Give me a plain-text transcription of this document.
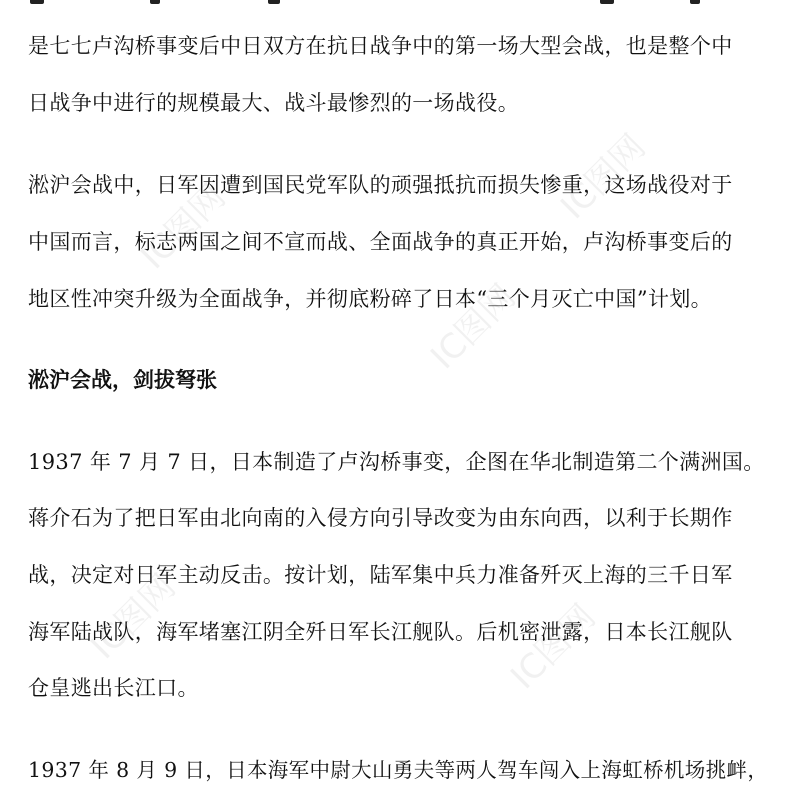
IC图网	IC图网
IC图网
IC图网	IC图网
是七七卢沟桥事变后中日双方在抗日战争中的第一场大型会战，也是整个中
日战争中进行的规模最大、战斗最惨烈的一场战役。
淞沪会战中，日军因遭到国民党军队的顽强抵抗而损失惨重，这场战役对于
中国而言，标志两国之间不宣而战、全面战争的真正开始，卢沟桥事变后的
地区性冲突升级为全面战争，并彻底粉碎了日本“三个月灭亡中国”计划。
淞沪会战，剑拔弩张
1937 年 7 月 7 日，日本制造了卢沟桥事变，企图在华北制造第二个满洲国。
蒋介石为了把日军由北向南的入侵方向引导改变为由东向西，以利于长期作
战，决定对日军主动反击。按计划，陆军集中兵力准备歼灭上海的三千日军
海军陆战队，海军堵塞江阴全歼日军长江舰队。后机密泄露，日本长江舰队
仓皇逃出长江口。
1937 年 8 月 9 日，日本海军中尉大山勇夫等两人驾车闯入上海虹桥机场挑衅，
